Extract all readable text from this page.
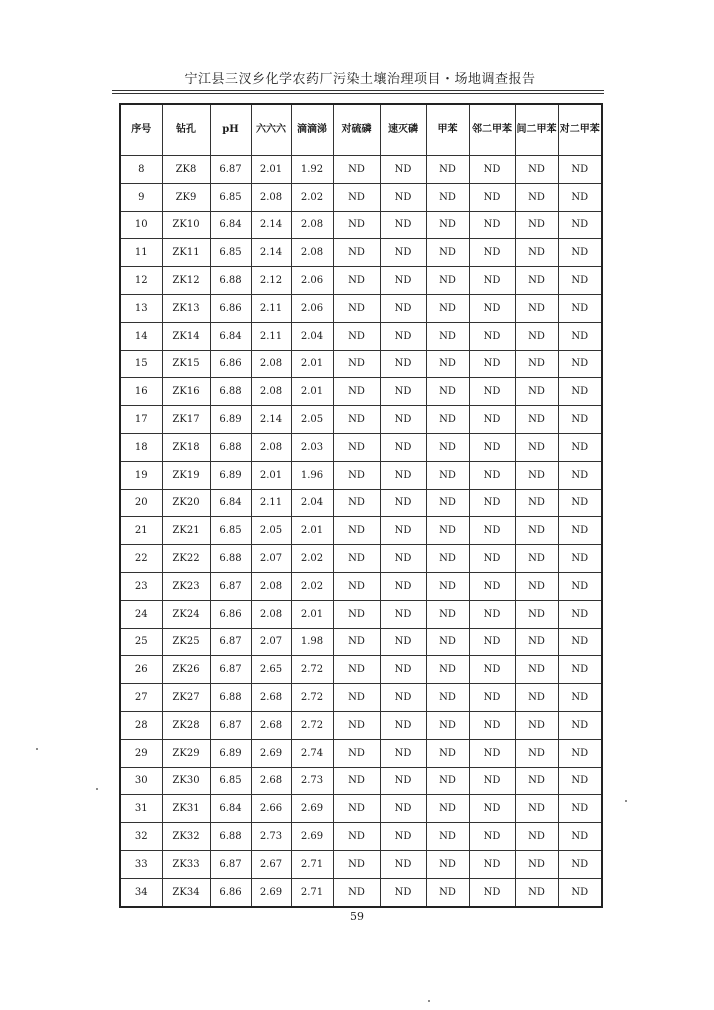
宁江县三汊乡化学农药厂污染土壤治理项目・场地调查报告
序号	钻孔	pH	六六六	滴滴涕	对硫磷	速灭磷	甲苯	邻二甲苯	间二甲苯	对二甲苯
8	ZK8	6.87	2.01	1.92	ND	ND	ND	ND	ND	ND
9	ZK9	6.85	2.08	2.02	ND	ND	ND	ND	ND	ND
10	ZK10	6.84	2.14	2.08	ND	ND	ND	ND	ND	ND
11	ZK11	6.85	2.14	2.08	ND	ND	ND	ND	ND	ND
12	ZK12	6.88	2.12	2.06	ND	ND	ND	ND	ND	ND
13	ZK13	6.86	2.11	2.06	ND	ND	ND	ND	ND	ND
14	ZK14	6.84	2.11	2.04	ND	ND	ND	ND	ND	ND
15	ZK15	6.86	2.08	2.01	ND	ND	ND	ND	ND	ND
16	ZK16	6.88	2.08	2.01	ND	ND	ND	ND	ND	ND
17	ZK17	6.89	2.14	2.05	ND	ND	ND	ND	ND	ND
18	ZK18	6.88	2.08	2.03	ND	ND	ND	ND	ND	ND
19	ZK19	6.89	2.01	1.96	ND	ND	ND	ND	ND	ND
20	ZK20	6.84	2.11	2.04	ND	ND	ND	ND	ND	ND
21	ZK21	6.85	2.05	2.01	ND	ND	ND	ND	ND	ND
22	ZK22	6.88	2.07	2.02	ND	ND	ND	ND	ND	ND
23	ZK23	6.87	2.08	2.02	ND	ND	ND	ND	ND	ND
24	ZK24	6.86	2.08	2.01	ND	ND	ND	ND	ND	ND
25	ZK25	6.87	2.07	1.98	ND	ND	ND	ND	ND	ND
26	ZK26	6.87	2.65	2.72	ND	ND	ND	ND	ND	ND
27	ZK27	6.88	2.68	2.72	ND	ND	ND	ND	ND	ND
28	ZK28	6.87	2.68	2.72	ND	ND	ND	ND	ND	ND
29	ZK29	6.89	2.69	2.74	ND	ND	ND	ND	ND	ND
30	ZK30	6.85	2.68	2.73	ND	ND	ND	ND	ND	ND
31	ZK31	6.84	2.66	2.69	ND	ND	ND	ND	ND	ND
32	ZK32	6.88	2.73	2.69	ND	ND	ND	ND	ND	ND
33	ZK33	6.87	2.67	2.71	ND	ND	ND	ND	ND	ND
34	ZK34	6.86	2.69	2.71	ND	ND	ND	ND	ND	ND
59
